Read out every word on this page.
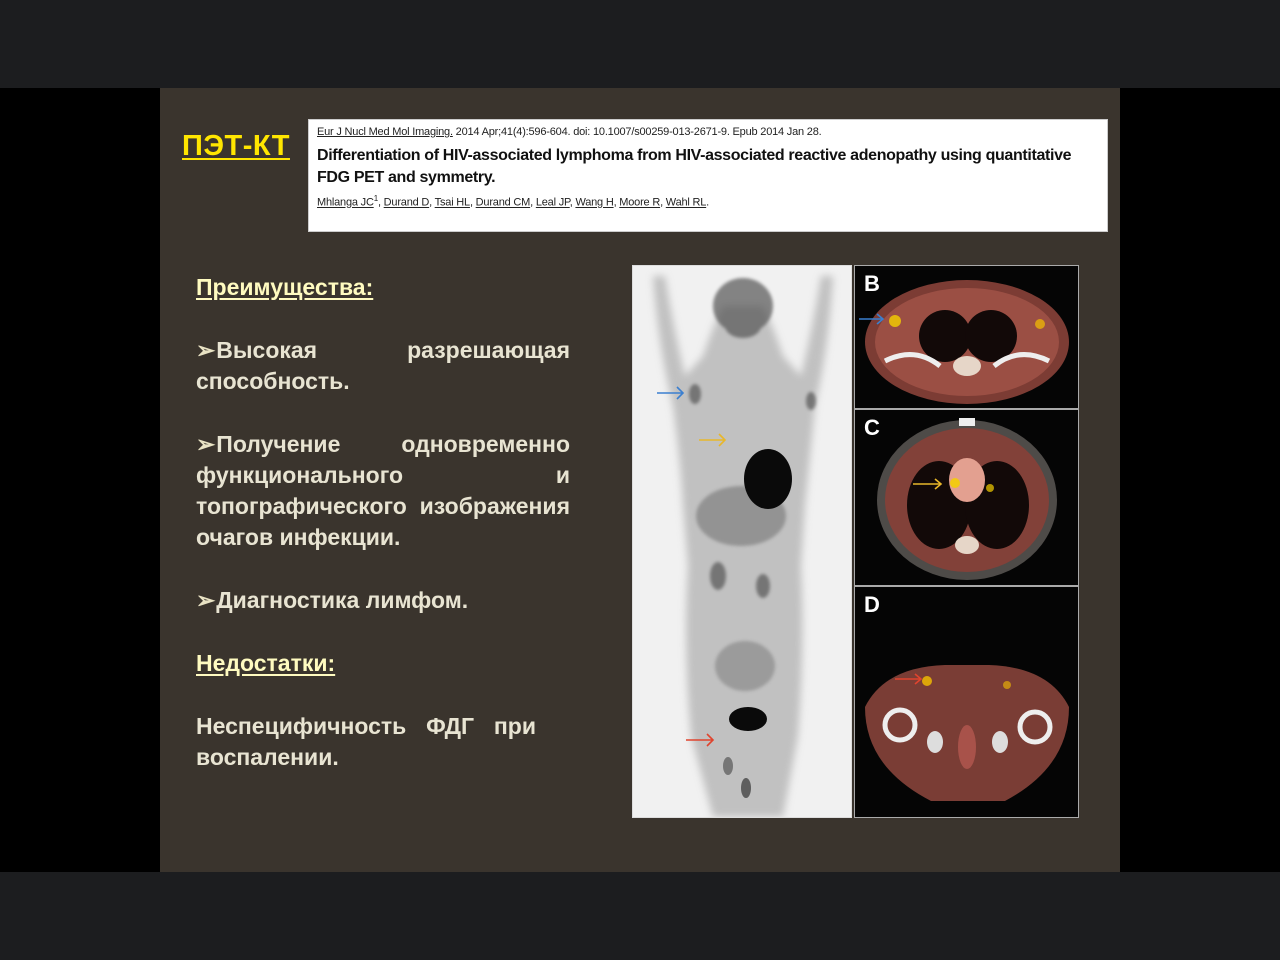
ПЭТ-КТ Eur J Nucl Med Mol Imaging. 2014 Apr;41(4):596-604. doi: 10.1007/s00259-013-2671-9. Epub 2014 Jan 28.
Differentiation of HIV-associated lymphoma from HIV-associated reactive adenopathy using quantitative FDG PET and symmetry.
Mhlanga $JC^1$, Durand D, Tsai HL, Durand CM, Leal JP, Wang H, Moore R, Wahl RL.
Преимущества:
➢Высокая разрешающая способность.
➢Получение одновременно функционального и топографического изображения очагов инфекции.
➢Диагностика лимфом.
Недостатки:
Неспецифичность ФДГ при воспалении.
B
C
D
